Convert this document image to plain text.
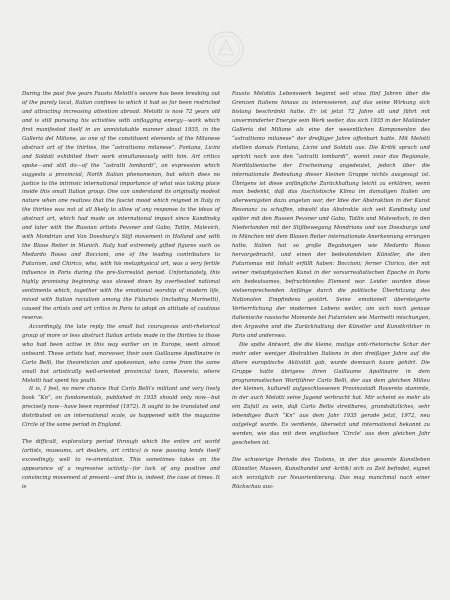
During the past five years Fausto Melotti's oeuvre has been breaking out of the purely local, Italian confines to which it had so far been restricted and attracting increasing attention abroad. Melotti is now 72 years old and is still pursuing his activities with unflagging energy—work which first manifested itself in an unmistakable manner about 1935, in the Galleria del Milione, as one of the constituent elements of the Milanese abstract art of the thirties, the “astrattismo milanese”. Fontana, Licini and Soldati exhibited their work simultaneously with him. Art critics spoke—and still do—of the “astratti lombardi”, an expression which suggests a provincial, North Italian phenomenon, but which does no justice to the intrinsic international importance of what was taking place inside this small Italian group. One can understand its originally modest nature when one realizes that the fascist mood which reigned in Italy in the thirties was not at all likely to allow of any response to the ideas of abstract art, which had made an international impact since Kandinsky and later with the Russian artists Pevsner and Gabo, Tatlin, Malevich, with Mondrian and Van Doesburg's Stijl movement in Holland and with the Blaue Reiter in Munich. Italy had extremely gifted figures such as Medardo Rosso and Boccioni, one of the leading contributors to Futurism, and Chirico, who, with his metaphysical art, was a very fertile influence in Paris during the pre-Surrealist period. Unfortunately, this highly promising beginning was slowed down by overheated national sentiments which, together with the emotional worship of modern life, mixed with Italian racialism among the Futurists (including Marinetti), caused the artists and art critics in Paris to adopt an attitude of cautious reserve.

Accordingly, the late reply the small but courageous anti-rhetorical group of more or less abstract Italian artists made in the thirties to those who had been active in this way earlier on in Europe, went almost unheard. These artists had, moreover, their own Guillaume Apollinaire in Carlo Belli, the theoretician and spokesman, who came from the same small but artistically well-oriented provincial town, Rovereto, where Melotti had spent his youth.

It is, I feel, no mere chance that Carlo Belli's militant and very lively book “Kn”, on fundamentals, published in 1935 should only now—but precisely now—have been reprinted (1972). It ought to be translated and distributed on an international scale, as happened with the magazine Circle of the same period in England.

The difficult, exploratory period through which the entire art world (artists, museums, art dealers, art critics) is now passing lends itself exceedingly well to re-orientation. This sometimes takes on the appearance of a regressive activity—for lack of any positive and convincing movement at present—and this is, indeed, the case at times. It is

Fausto Melottis Lebenswerk beginnt seit etwa fünf Jahren über die Grenzen Italiens hinaus zu interessieren, auf das seine Wirkung sich bislang beschränkt hatte. Er ist jetzt 72 Jahre alt und führt mit unverminderter Energie sein Werk weiter, das sich 1935 in der Mailänder Galleria del Milione als eine der wesentlichen Komponenten des “astrattismo milanese” der dreißiger Jahre offenbart hatte. Mit Melotti stellten damals Fontana, Licini und Soldati aus. Die Kritik sprach und spricht noch von den “astratti lombardi”, womit zwar das Regionale, Norditalienische der Erscheinung angedeutet, jedoch über die internationale Bedeutung dieser kleinen Gruppe nichts ausgesagt ist. Übrigens ist diese anfängliche Zurückhaltung leicht zu erklären, wenn man bedenkt, daß das faschistische Klima im damaligen Italien am allerwenigsten dazu angetan war, der Idee der Abstraktion in der Kunst Resonanz zu schaffen, obwohl das Abstrakte sich seit Kandinsky und später mit den Russen Pevsner und Gabo, Tatlin und Malewitsch, in den Niederlanden mit der Stijlbewegung Mondrians und van Doesburgs und in München mit dem Blauen Reiter internationale Anerkennung errungen hatte. Italien hat so große Begabungen wie Medardo Rosso hervorgebracht, und einen der bedeutendsten Künstler, die den Futurismus mit Inhalt erfüllt haben: Boccioni; ferner Chirico, der mit seiner metaphysischen Kunst in der vorsurrealistischen Epoche in Paris ein bedeutsames, befruchtendes Element war. Leider wurden diese vielversprechenden Anfänge durch die politische Überhitzung des Nationalen Empfindens gestört. Seine emotionell übersteigerte Verherrlichung der modernen Lebens weiler, um sich noch genaue italienische rassische Momente bei Futuristen wie Marinetti mischungen, den Argwohn und die Zurückhaltung der Künstler und Kunstkritiker in Paris und anderswo.

Die späte Antwort, die die kleine, mutige anti-rhetorische Schar der mehr oder weniger Abstrakten Italiens in den dreißiger Jahre auf die ältere europäische Aktivität gab, wurde demnach kaum gehört. Die Gruppe hatte übrigens ihren Guillaume Apollinaire in dem programmatischen Wortführer Carlo Belli, der aus dem gleichen Milieu der kleinen, kulturell aufgeschlossenen Provinzstadt Rovereto stammte, in der auch Melotti seine Jugend verbracht hat. Mir scheint es mehr als ein Zufall zu sein, daß Carlo Bellis streitbares, grundsätzliches, sehr lebendiges Buch “Kn” aus dem Jahr 1935 gerade jetzt, 1972, neu aufgelegt wurde. Es verdiente, übersetzt und international bekannt zu werden, wie das mit dem englischen ‘Circle’ aus dem gleichen Jahr geschehen ist.

Die schwierige Periode des Tastens, in der das gesamte Kunstleben (Künstler, Museen, Kunsthandel und -kritik) sich zu Zeit befindet, eignet sich vorzüglich zur Neuorientierung. Das mag manchmal nach einer Rückschau aus-
